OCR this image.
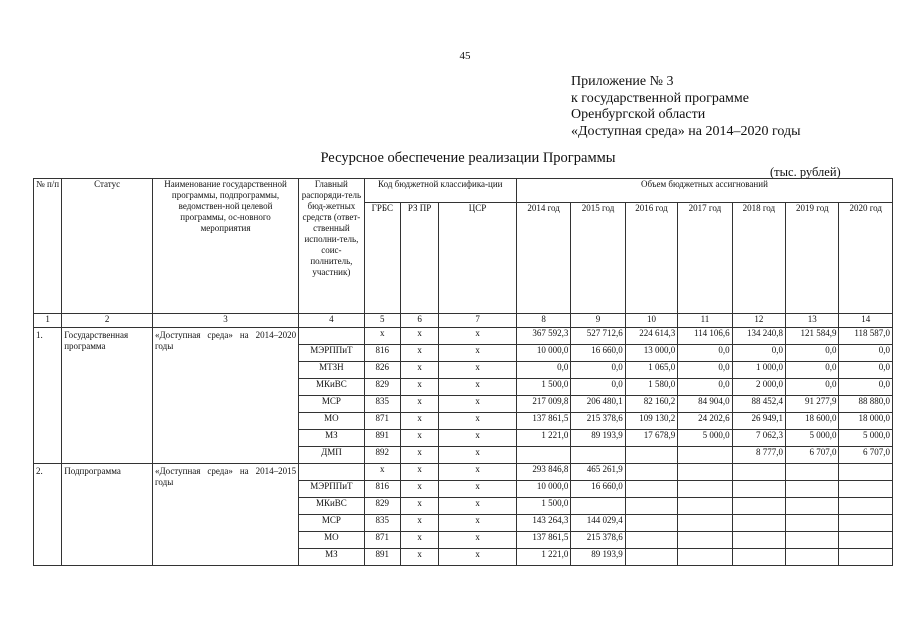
45
Приложение № 3
к государственной программе
Оренбургской области
«Доступная среда» на 2014–2020 годы
Ресурсное обеспечение реализации Программы
(тыс. рублей)
№ п/п	Статус	Наименование государственной программы, подпрограммы, ведомствен-ной целевой программы, ос-новного мероприятия	Главный распоряди-тель бюд-жетных средств (ответ-ственный исполни-тель, соис-полнитель, участник)	Код бюджетной классифика-ции			Объем бюджетных ассигнований						
				ГРБС	РЗ ПР	ЦСР	2014 год	2015 год	2016 год	2017 год	2018 год	2019 год	2020 год
1	2	3	4	5	6	7	8	9	10	11	12	13	14
1.	Государственная программа	«Доступная среда» на 2014–2020 годы		x	x	x	367 592,3	527 712,6	224 614,3	114 106,6	134 240,8	121 584,9	118 587,0
			МЭРППиТ	816	x	x	10 000,0	16 660,0	13 000,0	0,0	0,0	0,0	0,0
			МТЗН	826	x	x	0,0	0,0	1 065,0	0,0	1 000,0	0,0	0,0
			МКиВС	829	x	x	1 500,0	0,0	1 580,0	0,0	2 000,0	0,0	0,0
			МСР	835	x	x	217 009,8	206 480,1	82 160,2	84 904,0	88 452,4	91 277,9	88 880,0
			МО	871	x	x	137 861,5	215 378,6	109 130,2	24 202,6	26 949,1	18 600,0	18 000,0
			МЗ	891	x	x	1 221,0	89 193,9	17 678,9	5 000,0	7 062,3	5 000,0	5 000,0
			ДМП	892	x	x					8 777,0	6 707,0	6 707,0
2.	Подпрограмма	«Доступная среда» на 2014–2015 годы		x	x	x	293 846,8	465 261,9					
			МЭРППиТ	816	x	x	10 000,0	16 660,0					
			МКиВС	829	x	x	1 500,0						
			МСР	835	x	x	143 264,3	144 029,4					
			МО	871	x	x	137 861,5	215 378,6					
			МЗ	891	x	x	1 221,0	89 193,9					
